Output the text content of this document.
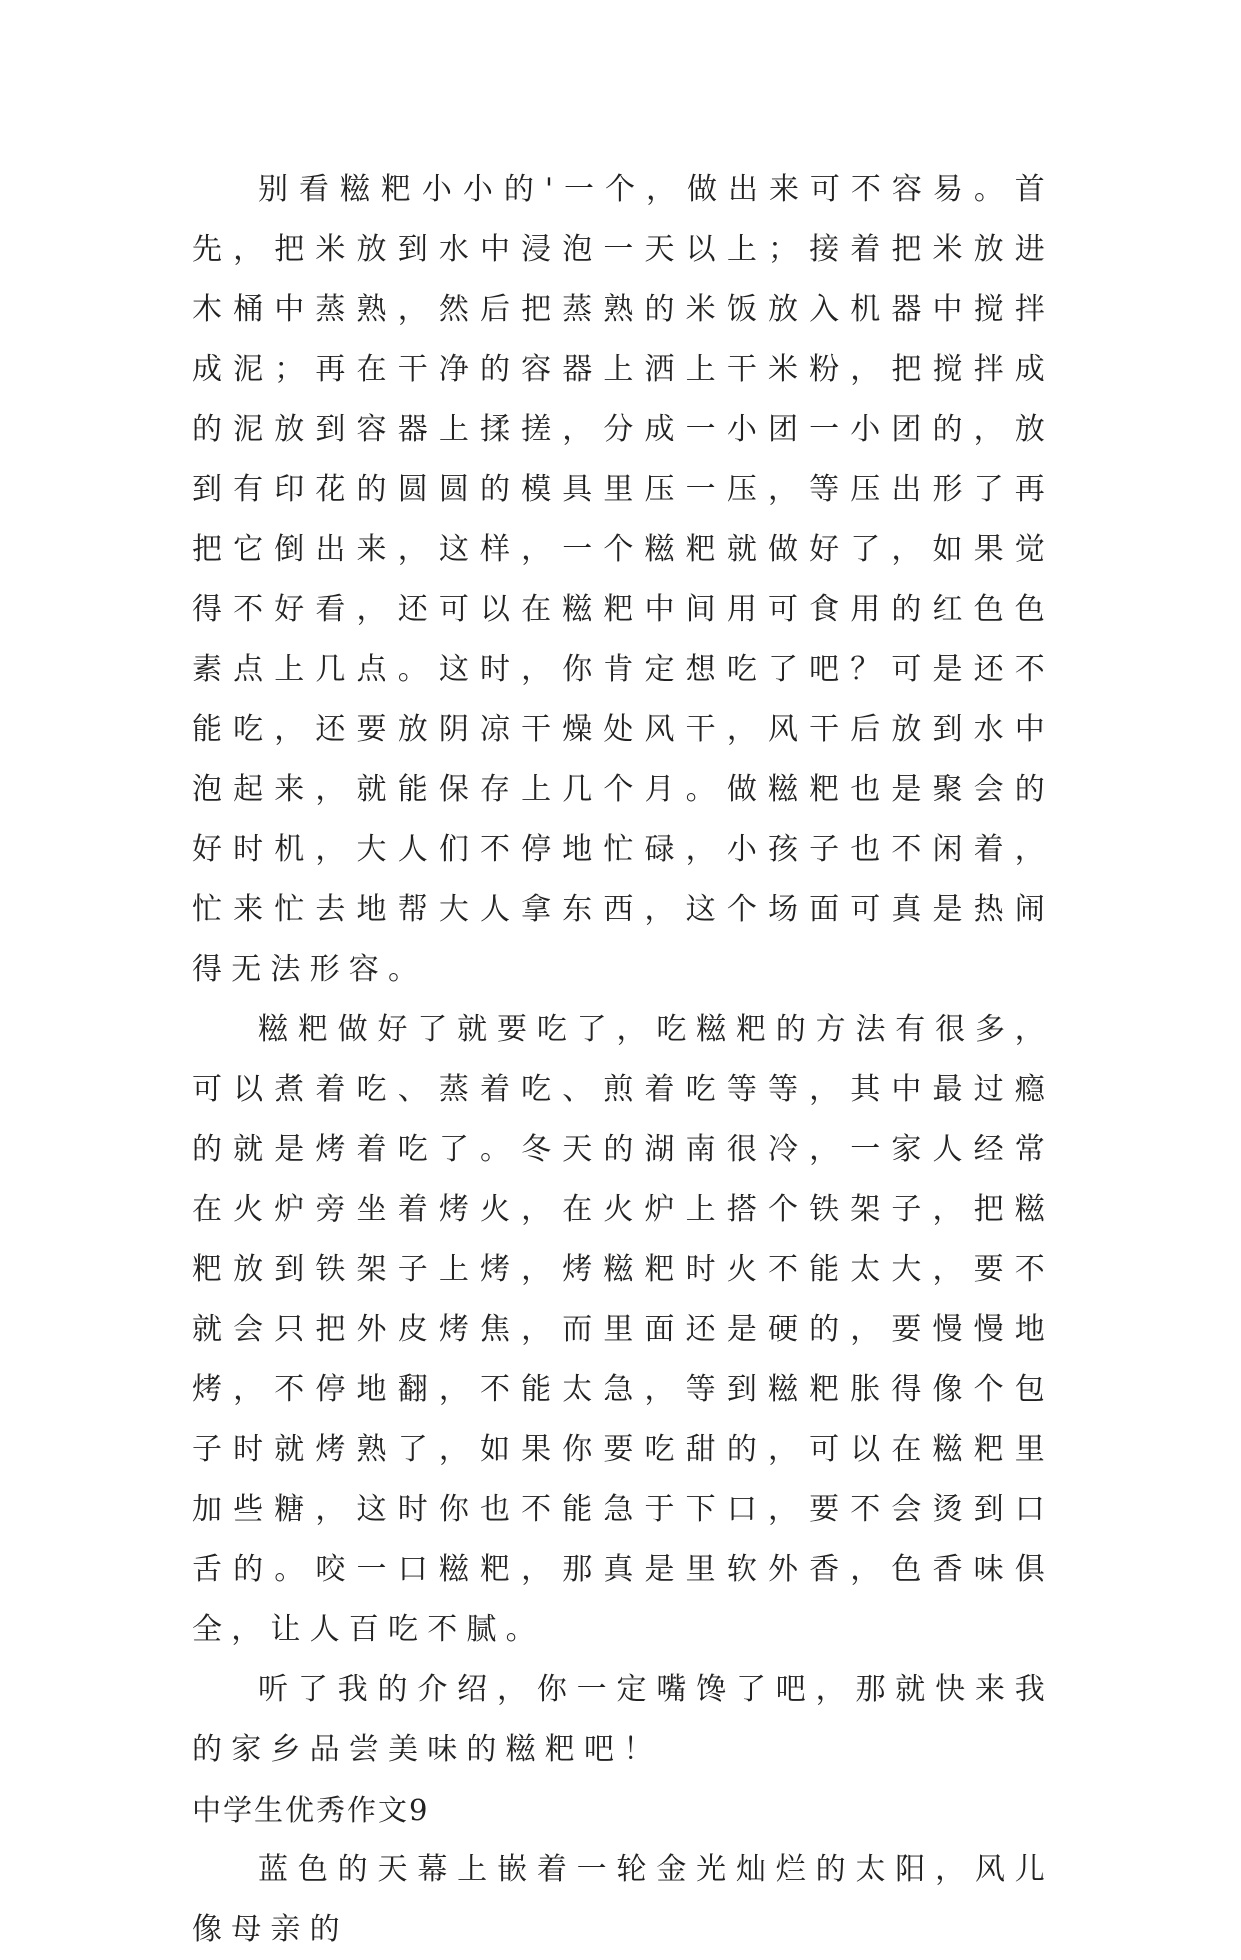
别看糍粑小小的'一个，做出来可不容易。首先，把米放到水中浸泡一天以上；接着把米放进木桶中蒸熟，然后把蒸熟的米饭放入机器中搅拌成泥；再在干净的容器上洒上干米粉，把搅拌成的泥放到容器上揉搓，分成一小团一小团的，放到有印花的圆圆的模具里压一压，等压出形了再把它倒出来，这样，一个糍粑就做好了，如果觉得不好看，还可以在糍粑中间用可食用的红色色素点上几点。这时，你肯定想吃了吧？可是还不能吃，还要放阴凉干燥处风干，风干后放到水中泡起来，就能保存上几个月。做糍粑也是聚会的好时机，大人们不停地忙碌，小孩子也不闲着，忙来忙去地帮大人拿东西，这个场面可真是热闹得无法形容。

糍粑做好了就要吃了，吃糍粑的方法有很多，可以煮着吃、蒸着吃、煎着吃等等，其中最过瘾的就是烤着吃了。冬天的湖南很冷，一家人经常在火炉旁坐着烤火，在火炉上搭个铁架子，把糍粑放到铁架子上烤，烤糍粑时火不能太大，要不就会只把外皮烤焦，而里面还是硬的，要慢慢地烤，不停地翻，不能太急，等到糍粑胀得像个包子时就烤熟了，如果你要吃甜的，可以在糍粑里加些糖，这时你也不能急于下口，要不会烫到口舌的。咬一口糍粑，那真是里软外香，色香味俱全，让人百吃不腻。

听了我的介绍，你一定嘴馋了吧，那就快来我的家乡品尝美味的糍粑吧！

中学生优秀作文9

蓝色的天幕上嵌着一轮金光灿烂的太阳，风儿像母亲的
